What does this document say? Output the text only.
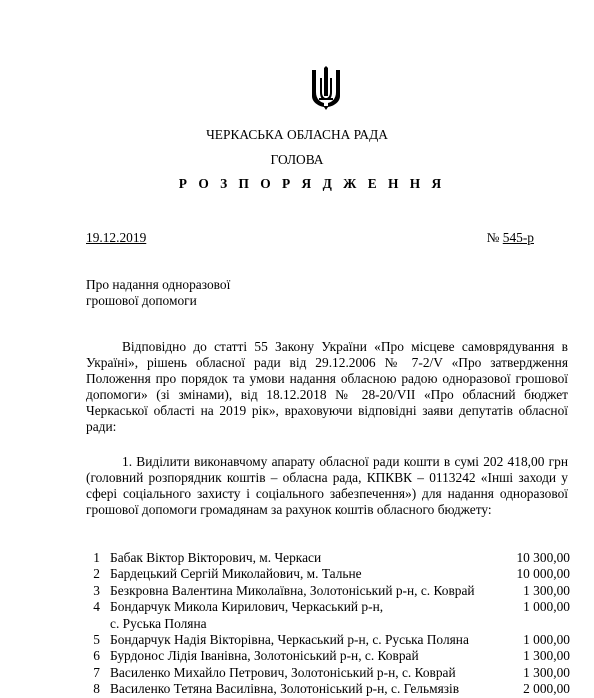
ЧЕРКАСЬКА ОБЛАСНА РАДА
ГОЛОВА
Р О З П О Р Я Д Ж Е Н Н Я
19.12.2019	№ 545-р
Про надання одноразової
грошової допомоги

Відповідно до статті 55 Закону України «Про місцеве самоврядування в Україні», рішень обласної ради від 29.12.2006 № 7-2/V «Про затвердження Положення про порядок та умови надання обласною радою одноразової грошової допомоги» (зі змінами), від 18.12.2018 № 28-20/VII «Про обласний бюджет Черкаської області на 2019 рік», враховуючи відповідні заяви депутатів обласної ради:

1. Виділити виконавчому апарату обласної ради кошти в сумі 202 418,00 грн (головний розпорядник коштів – обласна рада, КПКВК – 0113242 «Інші заходи у сфері соціального захисту і соціального забезпечення») для надання одноразової грошової допомоги громадянам за рахунок коштів обласного бюджету:

1 Бабак Віктор Вікторович, м. Черкаси	10 300,00
2 Бардецький Сергій Миколайович, м. Тальне	10 000,00
3 Безкровна Валентина Миколаївна, Золотоніський р-н, с. Коврай	1 300,00
4 Бондарчук Микола Кирилович, Черкаський р-н,	1 000,00
с. Руська Поляна
5 Бондарчук Надія Вікторівна, Черкаський р-н, с. Руська Поляна	1 000,00
6 Бурдонос Лідія Іванівна, Золотоніський р-н, с. Коврай	1 300,00
7 Василенко Михайло Петрович, Золотоніський р-н, с. Коврай	1 300,00
8 Василенко Тетяна Василівна, Золотоніський р-н, с. Гельмязів	2 000,00
